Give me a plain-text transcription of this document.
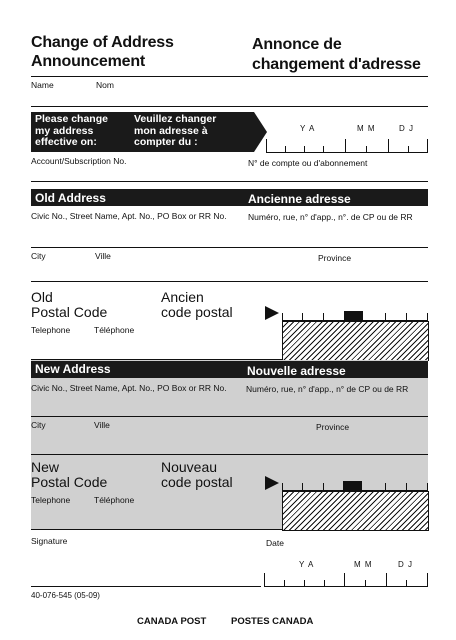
Change of Address
Announcement
Annonce de
changement d'adresse
Name	Nom
Please change
my address
effective on:
Veuillez changer
mon adresse à
compter du :
Y A	M M	D J
Account/Subscription No.	N° de compte ou d'abonnement
Old Address	Ancienne adresse
Civic No., Street Name, Apt. No., PO Box or RR No.	Numéro, rue, n° d'app., n°. de CP ou de RR
City	Ville	Province
Old
Postal Code
Ancien
code postal
Telephone	Téléphone
New Address	Nouvelle adresse
Civic No., Street Name, Apt. No., PO Box or RR No. Numéro, rue, n° d'app., n° de CP ou de RR
City	Ville	Province
New
Postal Code
Nouveau
code postal
Telephone	Téléphone
Signature	Date
Y A	M M	D J
40-076-545 (05-09)
CANADA POST	POSTES CANADA
